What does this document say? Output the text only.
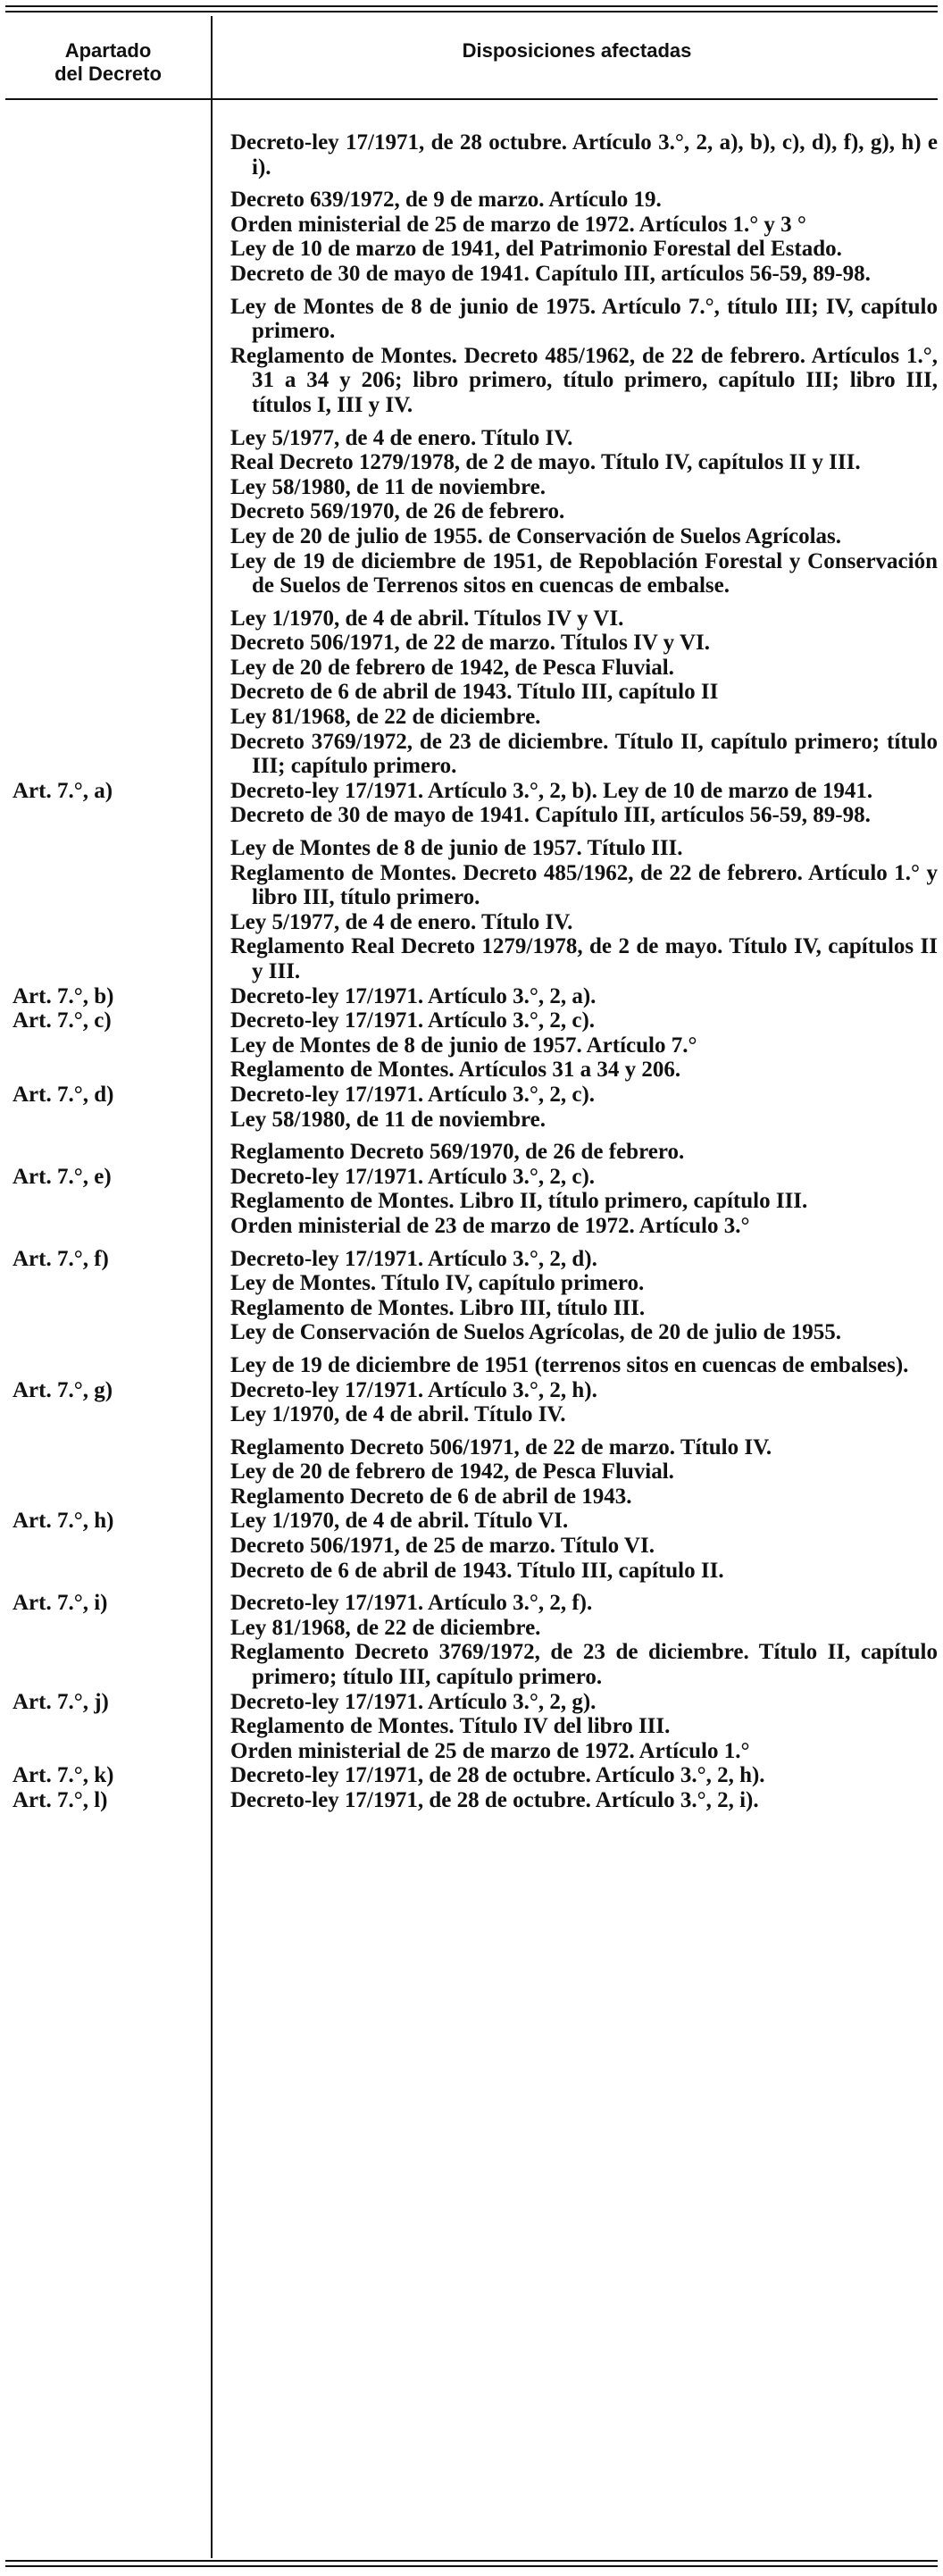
Apartado
del Decreto
Disposiciones afectadas
Decreto-ley 17/1971, de 28 octubre. Artículo 3.°, 2, a), b), c), d), f), g), h) e i).
Decreto 639/1972, de 9 de marzo. Artículo 19.
Orden ministerial de 25 de marzo de 1972. Artículos 1.° y 3 °
Ley de 10 de marzo de 1941, del Patrimonio Forestal del Estado.
Decreto de 30 de mayo de 1941. Capítulo III, artículos 56-59, 89-98.
Ley de Montes de 8 de junio de 1975. Artículo 7.°, título III; IV, capítulo primero.
Reglamento de Montes. Decreto 485/1962, de 22 de febrero. Artículos 1.°, 31 a 34 y 206; libro primero, título primero, capítulo III; libro III, títulos I, III y IV.
Ley 5/1977, de 4 de enero. Título IV.
Real Decreto 1279/1978, de 2 de mayo. Título IV, capítulos II y III.
Ley 58/1980, de 11 de noviembre.
Decreto 569/1970, de 26 de febrero.
Ley de 20 de julio de 1955. de Conservación de Suelos Agrícolas.
Ley de 19 de diciembre de 1951, de Repoblación Forestal y Conservación de Suelos de Terrenos sitos en cuencas de embalse.
Ley 1/1970, de 4 de abril. Títulos IV y VI.
Decreto 506/1971, de 22 de marzo. Títulos IV y VI.
Ley de 20 de febrero de 1942, de Pesca Fluvial.
Decreto de 6 de abril de 1943. Título III, capítulo II
Ley 81/1968, de 22 de diciembre.
Decreto 3769/1972, de 23 de diciembre. Título II, capítulo primero; título III; capítulo primero.
Art. 7.°, a)	Decreto-ley 17/1971. Artículo 3.°, 2, b). Ley de 10 de marzo de 1941.
Decreto de 30 de mayo de 1941. Capítulo III, artículos 56-59, 89-98.
Ley de Montes de 8 de junio de 1957. Título III.
Reglamento de Montes. Decreto 485/1962, de 22 de febrero. Artículo 1.° y libro III, título primero.
Ley 5/1977, de 4 de enero. Título IV.
Reglamento Real Decreto 1279/1978, de 2 de mayo. Título IV, capítulos II y III.
Art. 7.°, b)	Decreto-ley 17/1971. Artículo 3.°, 2, a).
Art. 7.°, c)	Decreto-ley 17/1971. Artículo 3.°, 2, c).
Ley de Montes de 8 de junio de 1957. Artículo 7.°
Reglamento de Montes. Artículos 31 a 34 y 206.
Art. 7.°, d)	Decreto-ley 17/1971. Artículo 3.°, 2, c).
Ley 58/1980, de 11 de noviembre.
Reglamento Decreto 569/1970, de 26 de febrero.
Art. 7.°, e)	Decreto-ley 17/1971. Artículo 3.°, 2, c).
Reglamento de Montes. Libro II, título primero, capítulo III.
Orden ministerial de 23 de marzo de 1972. Artículo 3.°
Art. 7.°, f)	Decreto-ley 17/1971. Artículo 3.°, 2, d).
Ley de Montes. Título IV, capítulo primero.
Reglamento de Montes. Libro III, título III.
Ley de Conservación de Suelos Agrícolas, de 20 de julio de 1955.
Ley de 19 de diciembre de 1951 (terrenos sitos en cuencas de embalses).
Art. 7.°, g)	Decreto-ley 17/1971. Artículo 3.°, 2, h).
Ley 1/1970, de 4 de abril. Título IV.
Reglamento Decreto 506/1971, de 22 de marzo. Título IV.
Ley de 20 de febrero de 1942, de Pesca Fluvial.
Reglamento Decreto de 6 de abril de 1943.
Art. 7.°, h)	Ley 1/1970, de 4 de abril. Título VI.
Decreto 506/1971, de 25 de marzo. Título VI.
Decreto de 6 de abril de 1943. Título III, capítulo II.
Art. 7.°, i)	Decreto-ley 17/1971. Artículo 3.°, 2, f).
Ley 81/1968, de 22 de diciembre.
Reglamento Decreto 3769/1972, de 23 de diciembre. Título II, capítulo primero; título III, capítulo primero.
Art. 7.°, j)	Decreto-ley 17/1971. Artículo 3.°, 2, g).
Reglamento de Montes. Título IV del libro III.
Orden ministerial de 25 de marzo de 1972. Artículo 1.°
Art. 7.°, k)	Decreto-ley 17/1971, de 28 de octubre. Artículo 3.°, 2, h).
Art. 7.°, l)	Decreto-ley 17/1971, de 28 de octubre. Artículo 3.°, 2, i).
